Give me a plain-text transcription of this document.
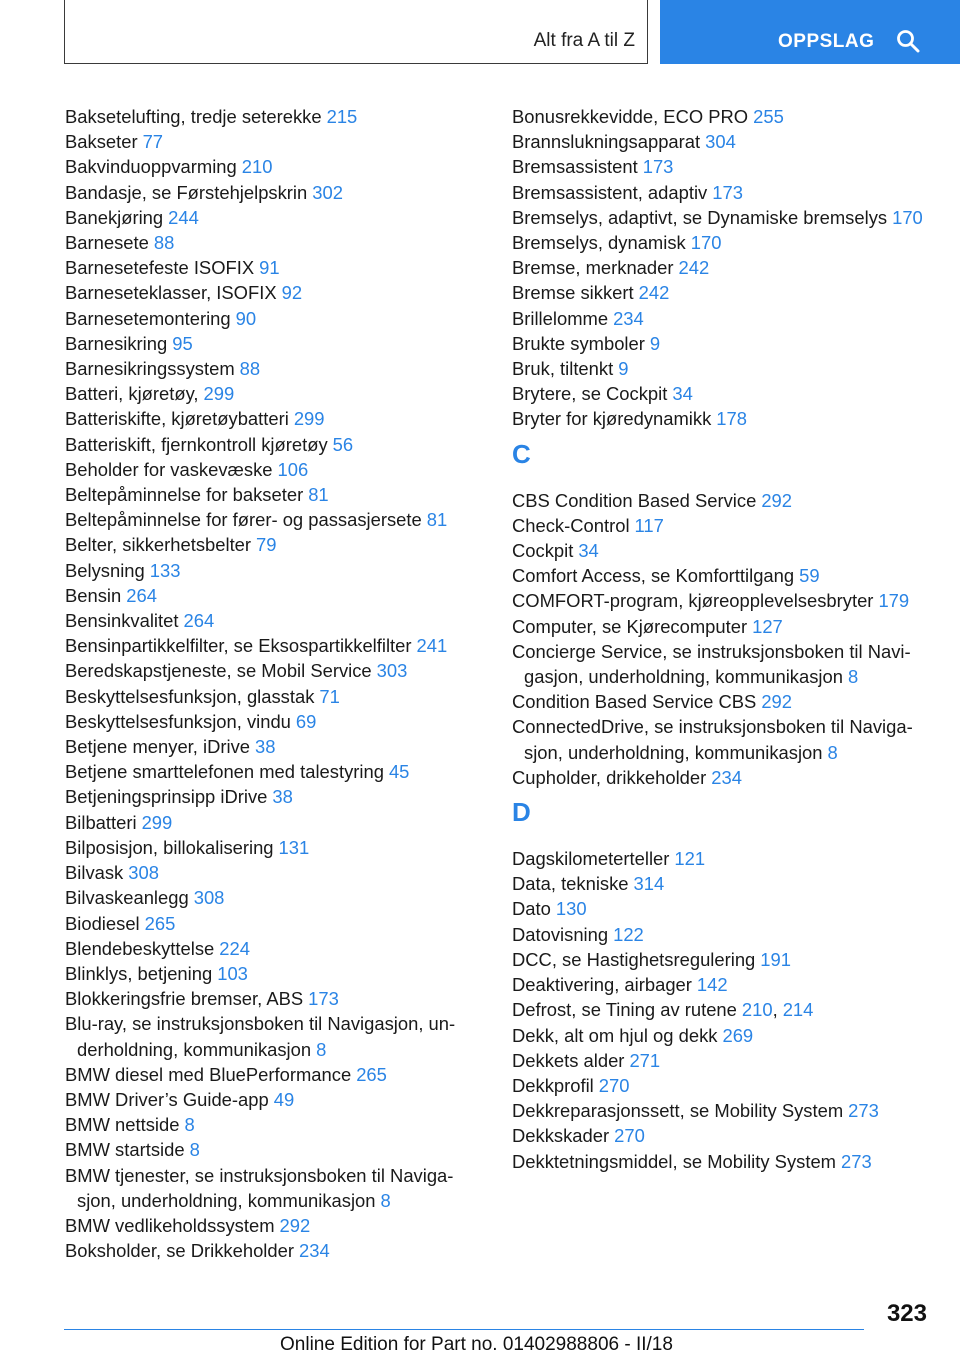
Alt fra A til Z	OPPSLAG
Baksetelufting, tredje seterekke 215
Bakseter 77
Bakvinduoppvarming 210
Bandasje, se Førstehjelpskrin 302
Banekjøring 244
Barnesete 88
Barnesetefeste ISOFIX 91
Barneseteklasser, ISOFIX 92
Barnesetemontering 90
Barnesikring 95
Barnesikringssystem 88
Batteri, kjøretøy, 299
Batteriskifte, kjøretøybatteri 299
Batteriskift, fjernkontroll kjøretøy 56
Beholder for vaskevæske 106
Beltepåminnelse for bakseter 81
Beltepåminnelse for fører- og passasjersete 81
Belter, sikkerhetsbelter 79
Belysning 133
Bensin 264
Bensinkvalitet 264
Bensinpartikkelfilter, se Eksospartikkelfilter 241
Beredskapstjeneste, se Mobil Service 303
Beskyttelsesfunksjon, glasstak 71
Beskyttelsesfunksjon, vindu 69
Betjene menyer, iDrive 38
Betjene smarttelefonen med talestyring 45
Betjeningsprinsipp iDrive 38
Bilbatteri 299
Bilposisjon, billokalisering 131
Bilvask 308
Bilvaskeanlegg 308
Biodiesel 265
Blendebeskyttelse 224
Blinklys, betjening 103
Blokkeringsfrie bremser, ABS 173
Blu-ray, se instruksjonsboken til Navigasjon, underholdning, kommunikasjon 8
BMW diesel med BluePerformance 265
BMW Driver’s Guide-app 49
BMW nettside 8
BMW startside 8
BMW tjenester, se instruksjonsboken til Navigasjon, underholdning, kommunikasjon 8
BMW vedlikeholdssystem 292
Boksholder, se Drikkeholder 234
Bonusrekkevidde, ECO PRO 255
Brannslukningsapparat 304
Bremsassistent 173
Bremsassistent, adaptiv 173
Bremselys, adaptivt, se Dynamiske bremselys 170
Bremselys, dynamisk 170
Bremse, merknader 242
Bremse sikkert 242
Brillelomme 234
Brukte symboler 9
Bruk, tiltenkt 9
Brytere, se Cockpit 34
Bryter for kjøredynamikk 178
C
CBS Condition Based Service 292
Check-Control 117
Cockpit 34
Comfort Access, se Komforttilgang 59
COMFORT-program, kjøreopplevelsesbryter 179
Computer, se Kjørecomputer 127
Concierge Service, se instruksjonsboken til Navigasjon, underholdning, kommunikasjon 8
Condition Based Service CBS 292
ConnectedDrive, se instruksjonsboken til Navigasjon, underholdning, kommunikasjon 8
Cupholder, drikkeholder 234
D
Dagskilometerteller 121
Data, tekniske 314
Dato 130
Datovisning 122
DCC, se Hastighetsregulering 191
Deaktivering, airbager 142
Defrost, se Tining av rutene 210, 214
Dekk, alt om hjul og dekk 269
Dekkets alder 271
Dekkprofil 270
Dekkreparasjonssett, se Mobility System 273
Dekkskader 270
Dekktetningsmiddel, se Mobility System 273
323
Online Edition for Part no. 01402988806 - II/18
